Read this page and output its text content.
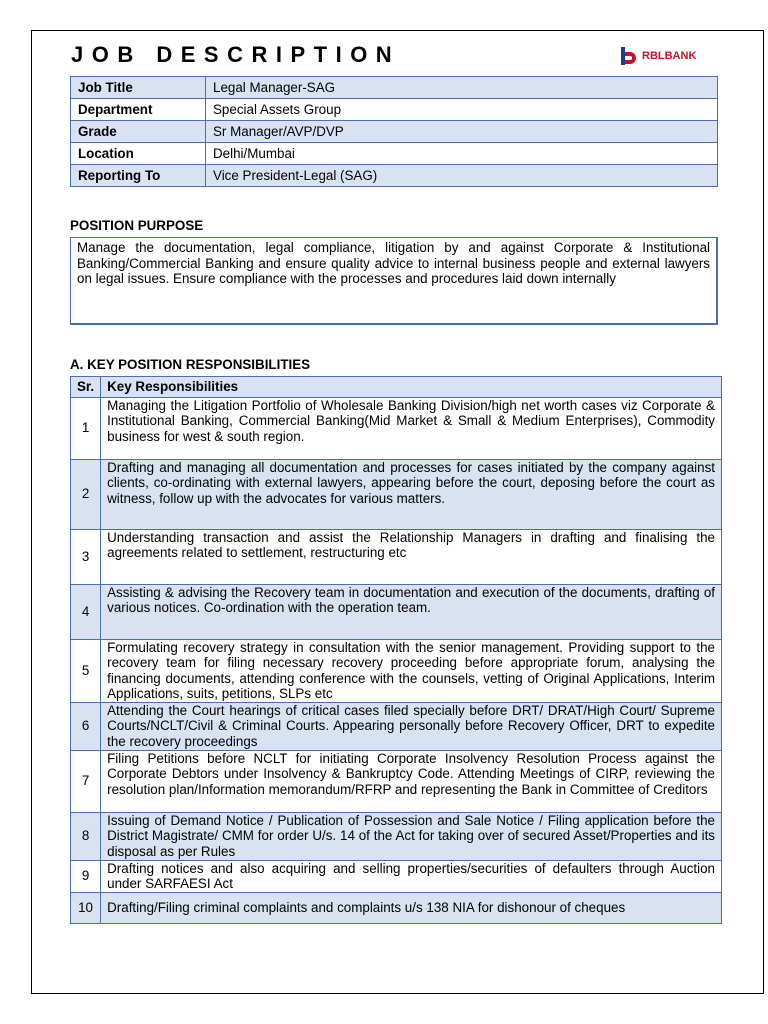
JOB DESCRIPTION	RBLBANK
Job Title	Legal Manager-SAG
Department	Special Assets Group
Grade	Sr Manager/AVP/DVP
Location	Delhi/Mumbai
Reporting To	Vice President-Legal (SAG)
POSITION PURPOSE
Manage the documentation, legal compliance, litigation by and against Corporate & Institutional Banking/Commercial Banking and ensure quality advice to internal business people and external lawyers on legal issues. Ensure compliance with the processes and procedures laid down internally
A. KEY POSITION RESPONSIBILITIES
Sr.	Key Responsibilities
1	Managing the Litigation Portfolio of Wholesale Banking Division/high net worth cases viz Corporate & Institutional Banking, Commercial Banking(Mid Market & Small & Medium Enterprises), Commodity business for west & south region.
2	Drafting and managing all documentation and processes for cases initiated by the company against clients, co-ordinating with external lawyers, appearing before the court, deposing before the court as witness, follow up with the advocates for various matters.
3	Understanding transaction and assist the Relationship Managers in drafting and finalising the agreements related to settlement, restructuring etc
4	Assisting & advising the Recovery team in documentation and execution of the documents, drafting of various notices. Co-ordination with the operation team.
5	Formulating recovery strategy in consultation with the senior management. Providing support to the recovery team for filing necessary recovery proceeding before appropriate forum, analysing the financing documents, attending conference with the counsels, vetting of Original Applications, Interim Applications, suits, petitions, SLPs etc
6	Attending the Court hearings of critical cases filed specially before DRT/ DRAT/High Court/ Supreme Courts/NCLT/Civil & Criminal Courts. Appearing personally before Recovery Officer, DRT to expedite the recovery proceedings
7	Filing Petitions before NCLT for initiating Corporate Insolvency Resolution Process against the Corporate Debtors under Insolvency & Bankruptcy Code. Attending Meetings of CIRP, reviewing the resolution plan/Information memorandum/RFRP and representing the Bank in Committee of Creditors
8	Issuing of Demand Notice / Publication of Possession and Sale Notice / Filing application before the District Magistrate/ CMM for order U/s. 14 of the Act for taking over of secured Asset/Properties and its disposal as per Rules
9	Drafting notices and also acquiring and selling properties/securities of defaulters through Auction under SARFAESI Act
10	Drafting/Filing criminal complaints and complaints u/s 138 NIA for dishonour of cheques
